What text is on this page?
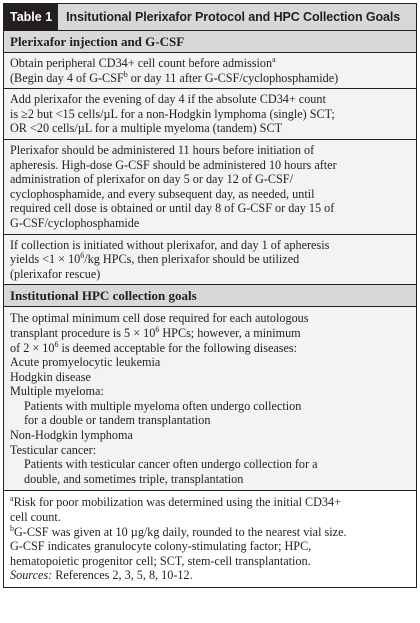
Table 1	Insitutional Plerixafor Protocol and HPC Collection Goals
Plerixafor injection and G-CSF
Obtain peripheral CD34+ cell count before admission$^a$
(Begin day 4 of G-CSF$^b$ or day 11 after G-CSF/cyclophosphamide)
Add plerixafor the evening of day 4 if the absolute CD34+ count
is ≥2 but <15 cells/µL for a non-Hodgkin lymphoma (single) SCT;
OR <20 cells/µL for a multiple myeloma (tandem) SCT
Plerixafor should be administered 11 hours before initiation of
apheresis. High-dose G-CSF should be administered 10 hours after
administration of plerixafor on day 5 or day 12 of G-CSF/
cyclophosphamide, and every subsequent day, as needed, until
required cell dose is obtained or until day 8 of G-CSF or day 15 of
G-CSF/cyclophosphamide
If collection is initiated without plerixafor, and day 1 of apheresis
yields $<1 \times 10^6/kg$ HPCs, then plerixafor should be utilized
(plerixafor rescue)
Institutional HPC collection goals
The optimal minimum cell dose required for each autologous
transplant procedure is $5 \times 10^6$ HPCs; however, a minimum
of $2 \times 10^6$ is deemed acceptable for the following diseases:
Acute promyelocytic leukemia
Hodgkin disease
Multiple myeloma:
Patients with multiple myeloma often undergo collection
for a double or tandem transplantation
Non-Hodgkin lymphoma
Testicular cancer:
Patients with testicular cancer often undergo collection for a
double, and sometimes triple, transplantation
$^a$Risk for poor mobilization was determined using the initial CD34+
cell count.
$^b$G-CSF was given at 10 µg/kg daily, rounded to the nearest vial size.
G-CSF indicates granulocyte colony-stimulating factor; HPC,
hematopoietic progenitor cell; SCT, stem-cell transplantation.
Sources: References 2, 3, 5, 8, 10-12.
